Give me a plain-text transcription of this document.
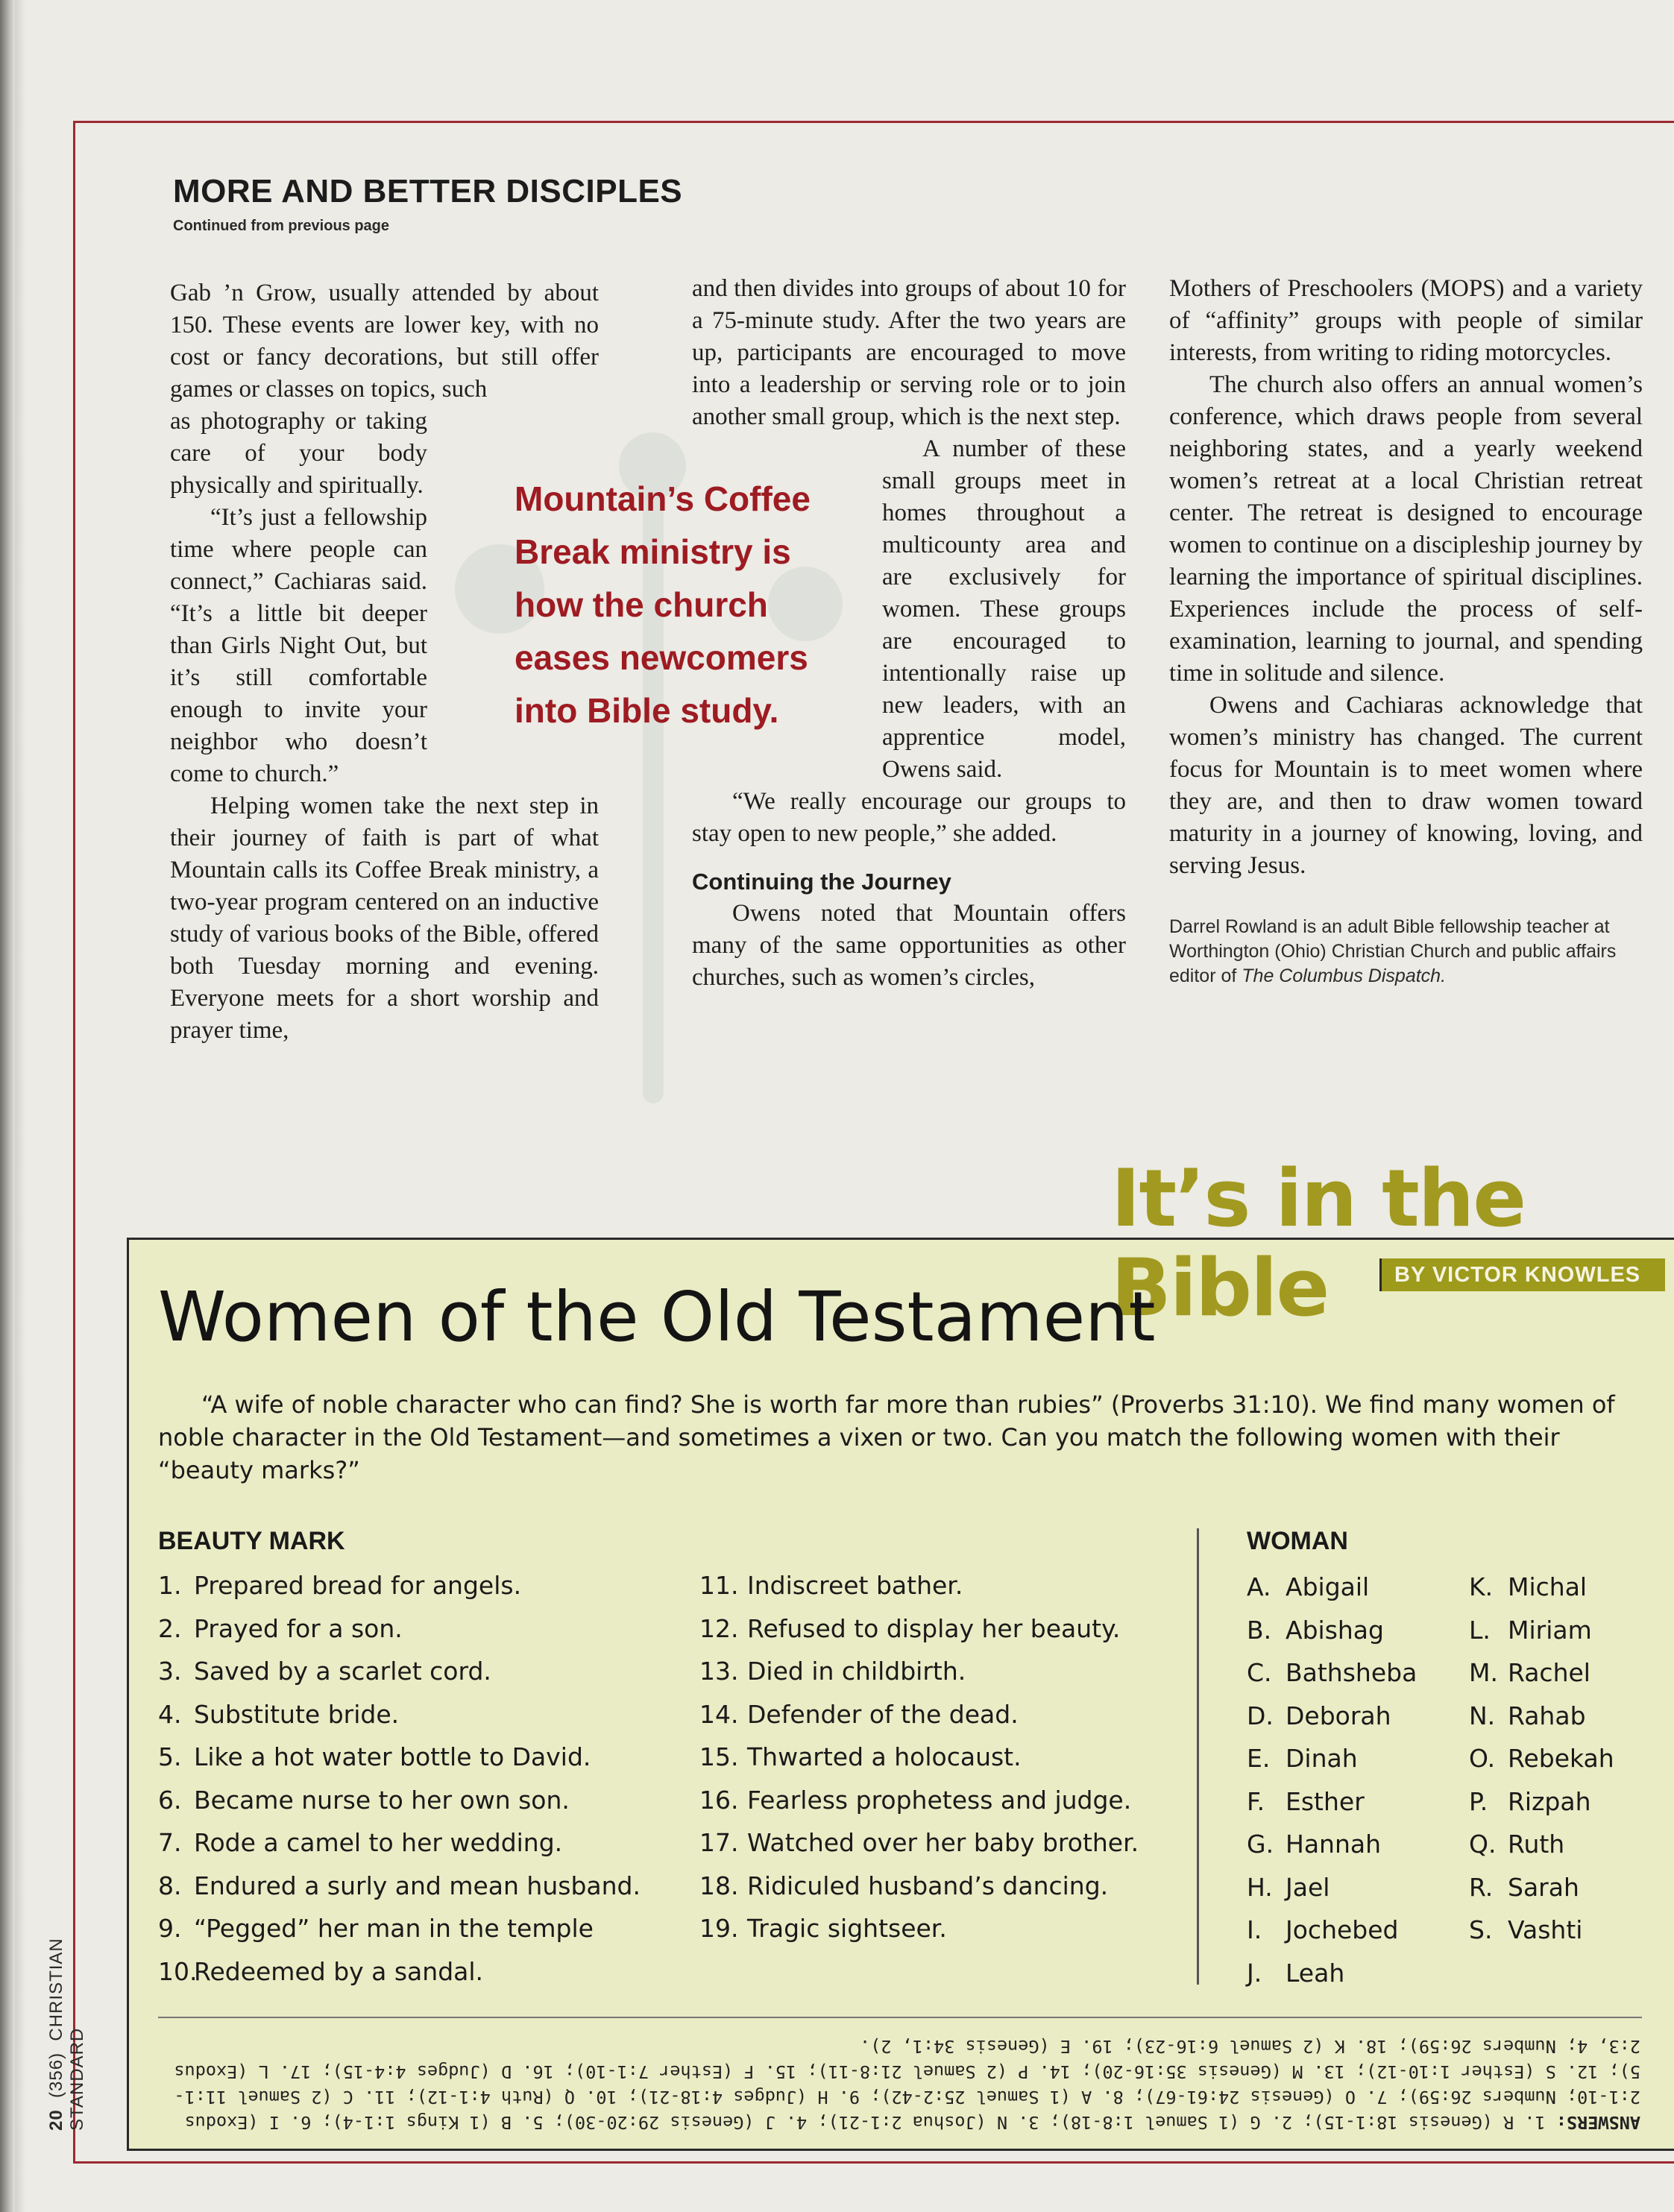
MORE AND BETTER DISCIPLES
Continued from previous page

Gab ’n Grow, usually attended by about 150. These events are lower key, with no cost or fancy decorations, but still offer games or classes on topics, such

as photography or taking care of your body physically and spiritually.

“It’s just a fellowship time where people can connect,” Cachiaras said. “It’s a little bit deeper than Girls Night Out, but it’s still comfortable enough to invite your neighbor who doesn’t come to church.”

Helping women take the next step in their journey of faith is part of what Mountain calls its Coffee Break ministry, a two-year program centered on an inductive study of various books of the Bible, offered both Tuesday morning and evening. Everyone meets for a short worship and prayer time,

and then divides into groups of about 10 for a 75-minute study. After the two years are up, participants are encouraged to move into a leadership or serving role or to join another small group, which is the next step.

A number of these small groups meet in homes throughout a multicounty area and are exclusively for women. These groups are encouraged to intentionally raise up new leaders, with an apprentice model, Owens said.

“We really encourage our groups to stay open to new people,” she added.

Continuing the Journey

Owens noted that Mountain offers many of the same opportunities as other churches, such as women’s circles,

Mothers of Preschoolers (MOPS) and a variety of “affinity” groups with people of similar interests, from writing to riding motorcycles.

The church also offers an annual women’s conference, which draws people from several neighboring states, and a yearly weekend women’s retreat at a local Christian retreat center. The retreat is designed to encourage women to continue on a discipleship journey by learning the importance of spiritual disciplines. Experiences include the process of self-examination, learning to journal, and spending time in solitude and silence.

Owens and Cachiaras acknowledge that women’s ministry has changed. The current focus for Mountain is to meet women where they are, and then to draw women toward maturity in a journey of knowing, loving, and serving Jesus.

Darrel Rowland is an adult Bible fellowship teacher at Worthington (Ohio) Christian Church and public affairs editor of The Columbus Dispatch.

Mountain’s Coffee Break ministry is how the church eases newcomers into Bible study.
It’s in the Bible	BY VICTOR KNOWLES
Women of the Old Testament
“A wife of noble character who can find? She is worth far more than rubies” (Proverbs 31:10). We find many women of noble character in the Old Testament—and sometimes a vixen or two. Can you match the following women with their “beauty marks?”
BEAUTY MARK	WOMAN
1. Prepared bread for angels.
2. Prayed for a son.
3. Saved by a scarlet cord.
4. Substitute bride.
5. Like a hot water bottle to David.
6. Became nurse to her own son.
7. Rode a camel to her wedding.
8. Endured a surly and mean husband.
9. “Pegged” her man in the temple
10.Redeemed by a sandal.
11. Indiscreet bather.
12. Refused to display her beauty.
13. Died in childbirth.
14. Defender of the dead.
15. Thwarted a holocaust.
16. Fearless prophetess and judge.
17. Watched over her baby brother.
18. Ridiculed husband’s dancing.
19. Tragic sightseer.
A. Abigail
B. Abishag
C. Bathsheba
D. Deborah
E. Dinah
F. Esther
G. Hannah
H. Jael
I. Jochebed
J. Leah
K. Michal
L. Miriam
M. Rachel
N. Rahab
O. Rebekah
P. Rizpah
Q. Ruth
R. Sarah
S. Vashti
ANSWERS: 1. R (Genesis 18:1-15); 2. G (1 Samuel 1:8-18); 3. N (Joshua 2:1-21); 4. J (Genesis 29:20-30); 5. B (1 Kings 1:1-4); 6. I (Exodus 2:1-10; Numbers 26:59); 7. O (Genesis 24:61-67); 8. A (1 Samuel 25:2-42); 9. H (Judges 4:18-21); 10. Q (Ruth 4:1-12); 11. C (2 Samuel 11:1-5); 12. S (Esther 1:10-12); 13. M (Genesis 35:16-20); 14. P (2 Samuel 21:8-11); 15. F (Esther 7:1-10); 16. D (Judges 4:4-15); 17. L (Exodus 2:3, 4; Numbers 26:59); 18. K (2 Samuel 6:16-23); 19. E (Genesis 34:1, 2).
20  (356)  CHRISTIAN STANDARD
